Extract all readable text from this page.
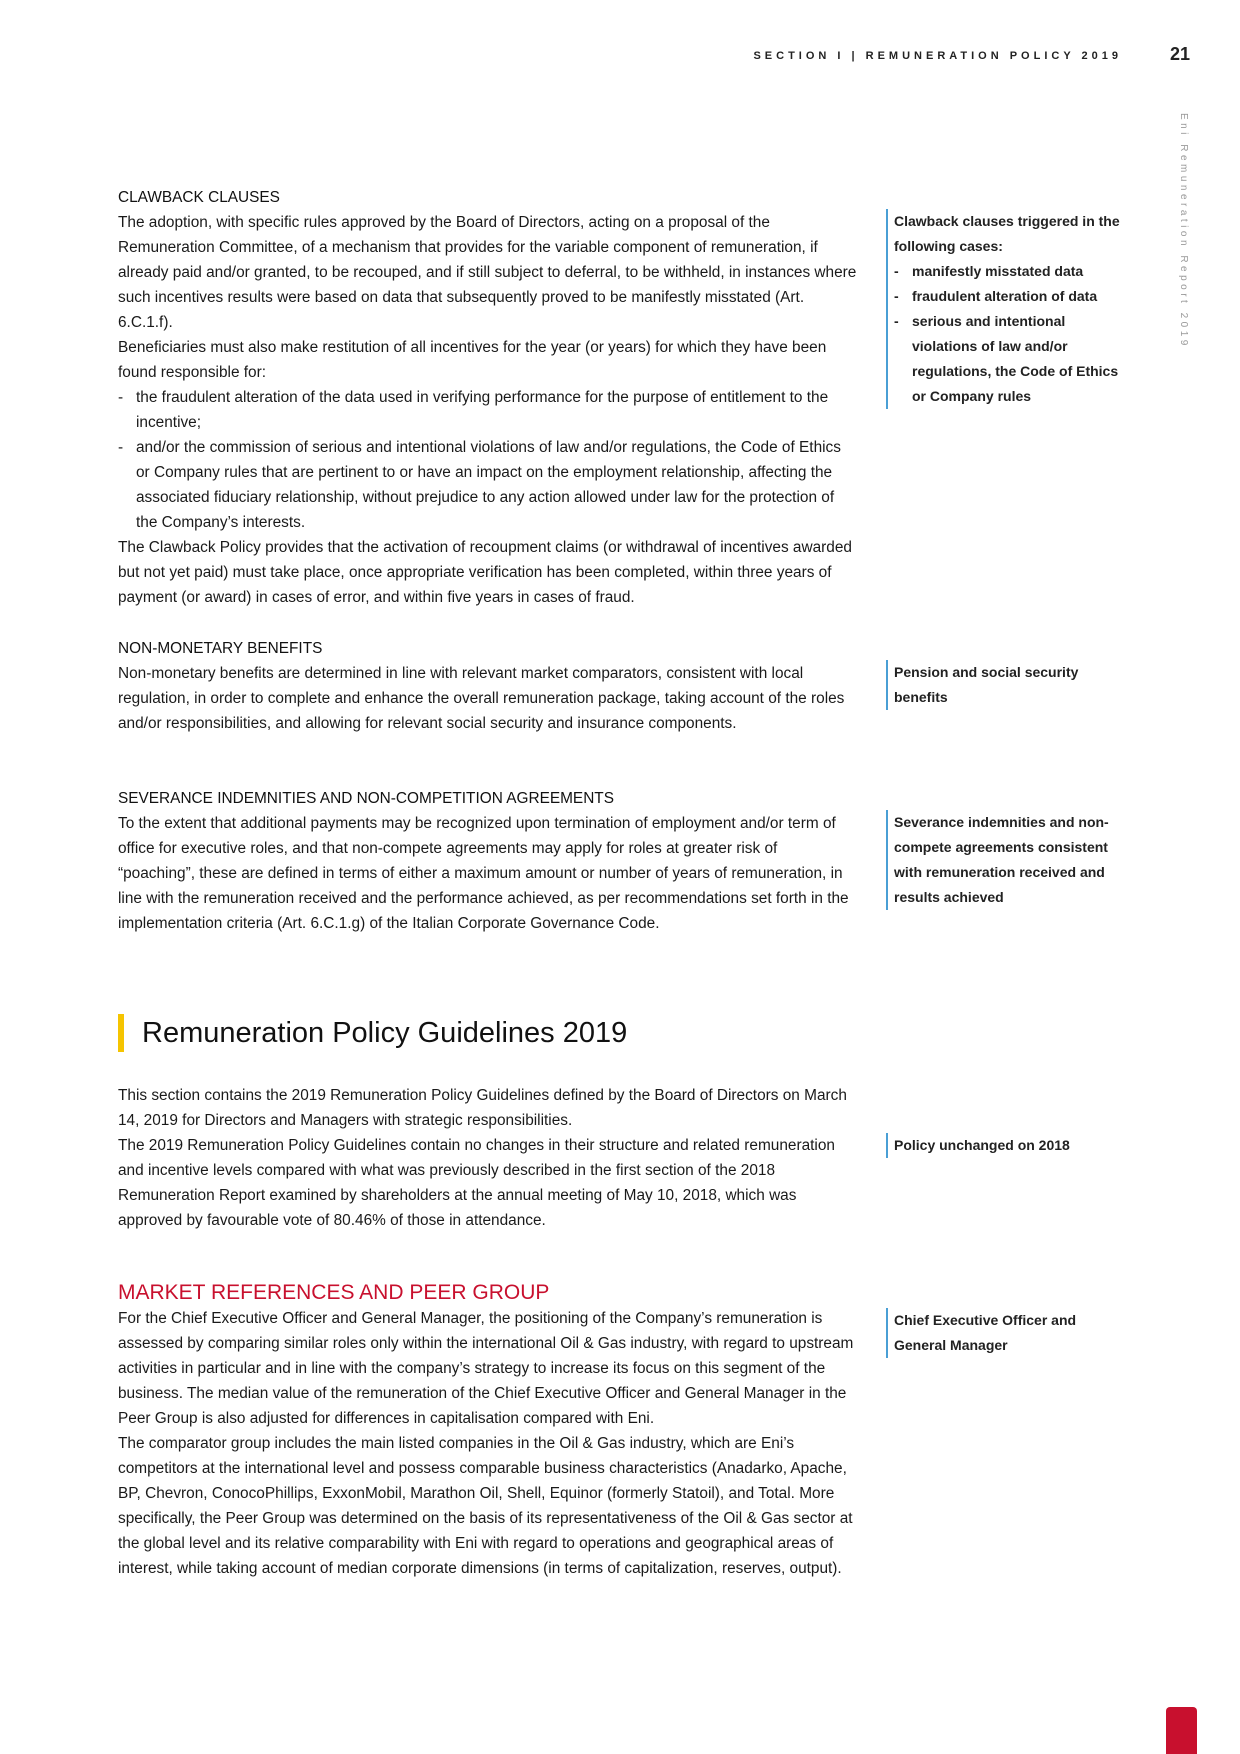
SECTION I | REMUNERATION POLICY 2019	21
Eni Remuneration Report 2019
CLAWBACK CLAUSES

The adoption, with specific rules approved by the Board of Directors, acting on a proposal of the Remuneration Committee, of a mechanism that provides for the variable component of remuneration, if already paid and/or granted, to be recouped, and if still subject to deferral, to be withheld, in instances where such incentives results were based on data that subsequently proved to be manifestly misstated (Art. 6.C.1.f).

Beneficiaries must also make restitution of all incentives for the year (or years) for which they have been found responsible for:

- the fraudulent alteration of the data used in verifying performance for the purpose of entitlement to the incentive;
- and/or the commission of serious and intentional violations of law and/or regulations, the Code of Ethics or Company rules that are pertinent to or have an impact on the employment relationship, affecting the associated fiduciary relationship, without prejudice to any action allowed under law for the protection of the Company’s interests.

The Clawback Policy provides that the activation of recoupment claims (or withdrawal of incentives awarded but not yet paid) must take place, once appropriate verification has been completed, within three years of payment (or award) in cases of error, and within five years in cases of fraud.

Clawback clauses triggered in the following cases:

- manifestly misstated data
- fraudulent alteration of data
- serious and intentional violations of law and/or regulations, the Code of Ethics or Company rules
NON-MONETARY BENEFITS

Non-monetary benefits are determined in line with relevant market comparators, consistent with local regulation, in order to complete and enhance the overall remuneration package, taking account of the roles and/or responsibilities, and allowing for relevant social security and insurance components.

Pension and social security benefits

SEVERANCE INDEMNITIES AND NON-COMPETITION AGREEMENTS

To the extent that additional payments may be recognized upon termination of employment and/or term of office for executive roles, and that non-compete agreements may apply for roles at greater risk of “poaching”, these are defined in terms of either a maximum amount or number of years of remuneration, in line with the remuneration received and the performance achieved, as per recommendations set forth in the implementation criteria (Art. 6.C.1.g) of the Italian Corporate Governance Code.

Severance indemnities and non-compete agreements consistent with remuneration received and results achieved

Remuneration Policy Guidelines 2019

This section contains the 2019 Remuneration Policy Guidelines defined by the Board of Directors on March 14, 2019 for Directors and Managers with strategic responsibilities.

The 2019 Remuneration Policy Guidelines contain no changes in their structure and related remuneration and incentive levels compared with what was previously described in the first section of the 2018 Remuneration Report examined by shareholders at the annual meeting of May 10, 2018, which was approved by favourable vote of 80.46% of those in attendance.

Policy unchanged on 2018

MARKET REFERENCES AND PEER GROUP

For the Chief Executive Officer and General Manager, the positioning of the Company’s remuneration is assessed by comparing similar roles only within the international Oil & Gas industry, with regard to upstream activities in particular and in line with the company’s strategy to increase its focus on this segment of the business. The median value of the remuneration of the Chief Executive Officer and General Manager in the Peer Group is also adjusted for differences in capitalisation compared with Eni.

The comparator group includes the main listed companies in the Oil & Gas industry, which are Eni’s competitors at the international level and possess comparable business characteristics (Anadarko, Apache, BP, Chevron, ConocoPhillips, ExxonMobil, Marathon Oil, Shell, Equinor (formerly Statoil), and Total. More specifically, the Peer Group was determined on the basis of its representativeness of the Oil & Gas sector at the global level and its relative comparability with Eni with regard to operations and geographical areas of interest, while taking account of median corporate dimensions (in terms of capitalization, reserves, output).

Chief Executive Officer and General Manager
